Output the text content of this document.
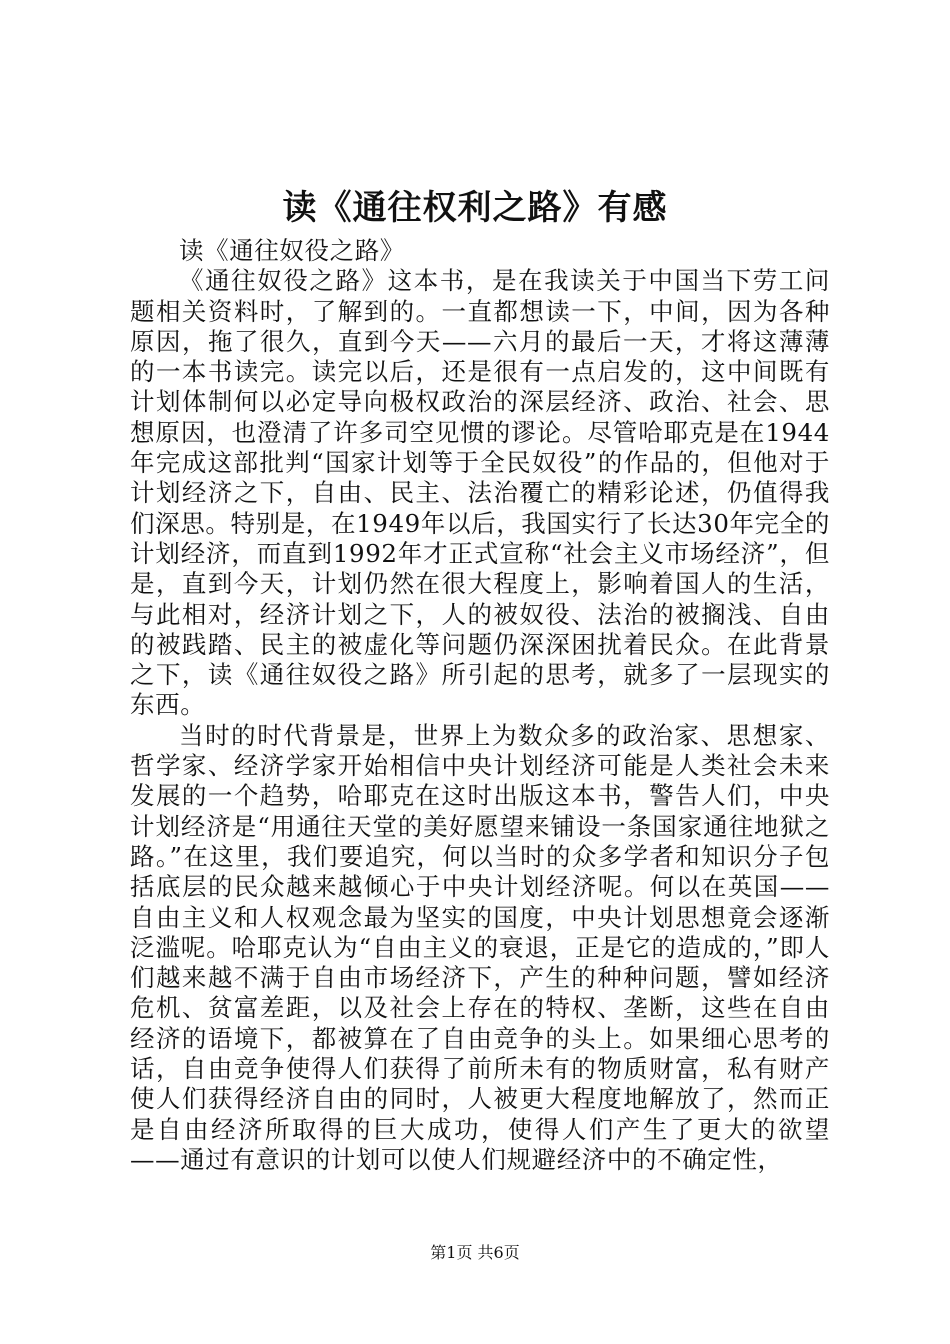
读《通往权利之路》有感

读《通往奴役之路》

《通往奴役之路》这本书，是在我读关于中国当下劳工问题相关资料时，了解到的。一直都想读一下，中间，因为各种原因，拖了很久，直到今天——六月的最后一天，才将这薄薄的一本书读完。读完以后，还是很有一点启发的，这中间既有计划体制何以必定导向极权政治的深层经济、政治、社会、思想原因，也澄清了许多司空见惯的谬论。尽管哈耶克是在1944年完成这部批判“国家计划等于全民奴役”的作品的，但他对于计划经济之下，自由、民主、法治覆亡的精彩论述，仍值得我们深思。特别是，在1949年以后，我国实行了长达30年完全的计划经济，而直到1992年才正式宣称“社会主义市场经济”，但是，直到今天，计划仍然在很大程度上，影响着国人的生活，与此相对，经济计划之下，人的被奴役、法治的被搁浅、自由的被践踏、民主的被虚化等问题仍深深困扰着民众。在此背景之下，读《通往奴役之路》所引起的思考，就多了一层现实的东西。

当时的时代背景是，世界上为数众多的政治家、思想家、哲学家、经济学家开始相信中央计划经济可能是人类社会未来发展的一个趋势，哈耶克在这时出版这本书，警告人们，中央计划经济是“用通往天堂的美好愿望来铺设一条国家通往地狱之路。”在这里，我们要追究，何以当时的众多学者和知识分子包括底层的民众越来越倾心于中央计划经济呢。何以在英国——自由主义和人权观念最为坚实的国度，中央计划思想竟会逐渐泛滥呢。哈耶克认为“自由主义的衰退，正是它的造成的，”即人们越来越不满于自由市场经济下，产生的种种问题，譬如经济危机、贫富差距，以及社会上存在的特权、垄断，这些在自由经济的语境下，都被算在了自由竞争的头上。如果细心思考的话，自由竞争使得人们获得了前所未有的物质财富，私有财产使人们获得经济自由的同时，人被更大程度地解放了，然而正是自由经济所取得的巨大成功，使得人们产生了更大的欲望——通过有意识的计划可以使人们规避经济中的不确定性，

第1页 共6页
